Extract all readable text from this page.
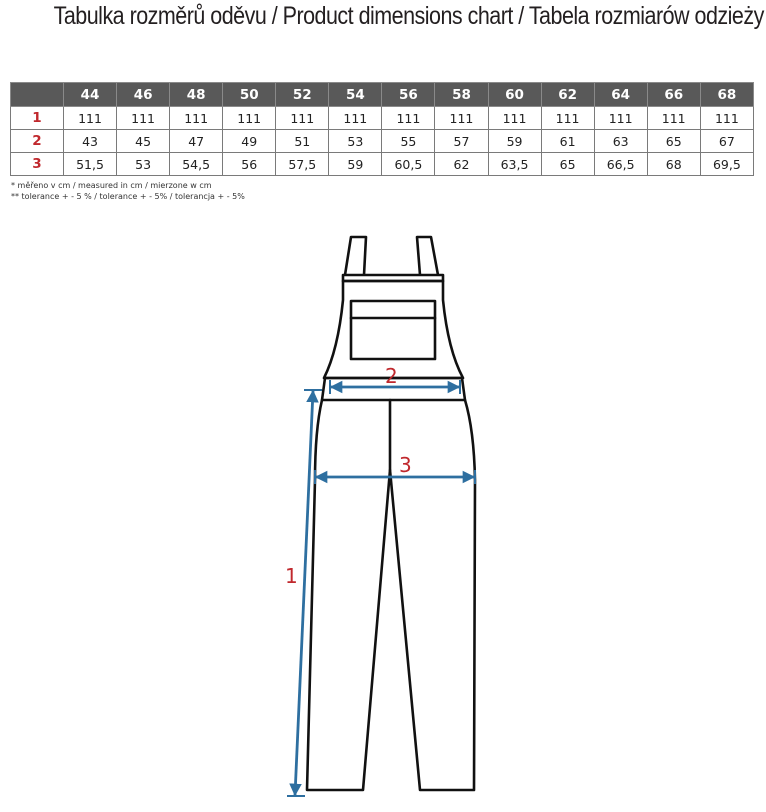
Tabulka rozměrů oděvu / Product dimensions chart / Tabela rozmiarów odzieży
	44	46	48	50	52	54	56	58	60	62	64	66	68
1	111	111	111	111	111	111	111	111	111	111	111	111	111
2	43	45	47	49	51	53	55	57	59	61	63	65	67
3	51,5	53	54,5	56	57,5	59	60,5	62	63,5	65	66,5	68	69,5
* měřeno v cm / measured in cm / mierzone w cm
** tolerance + - 5 % / tolerance + - 5% / tolerancja + - 5%
2
3
1
